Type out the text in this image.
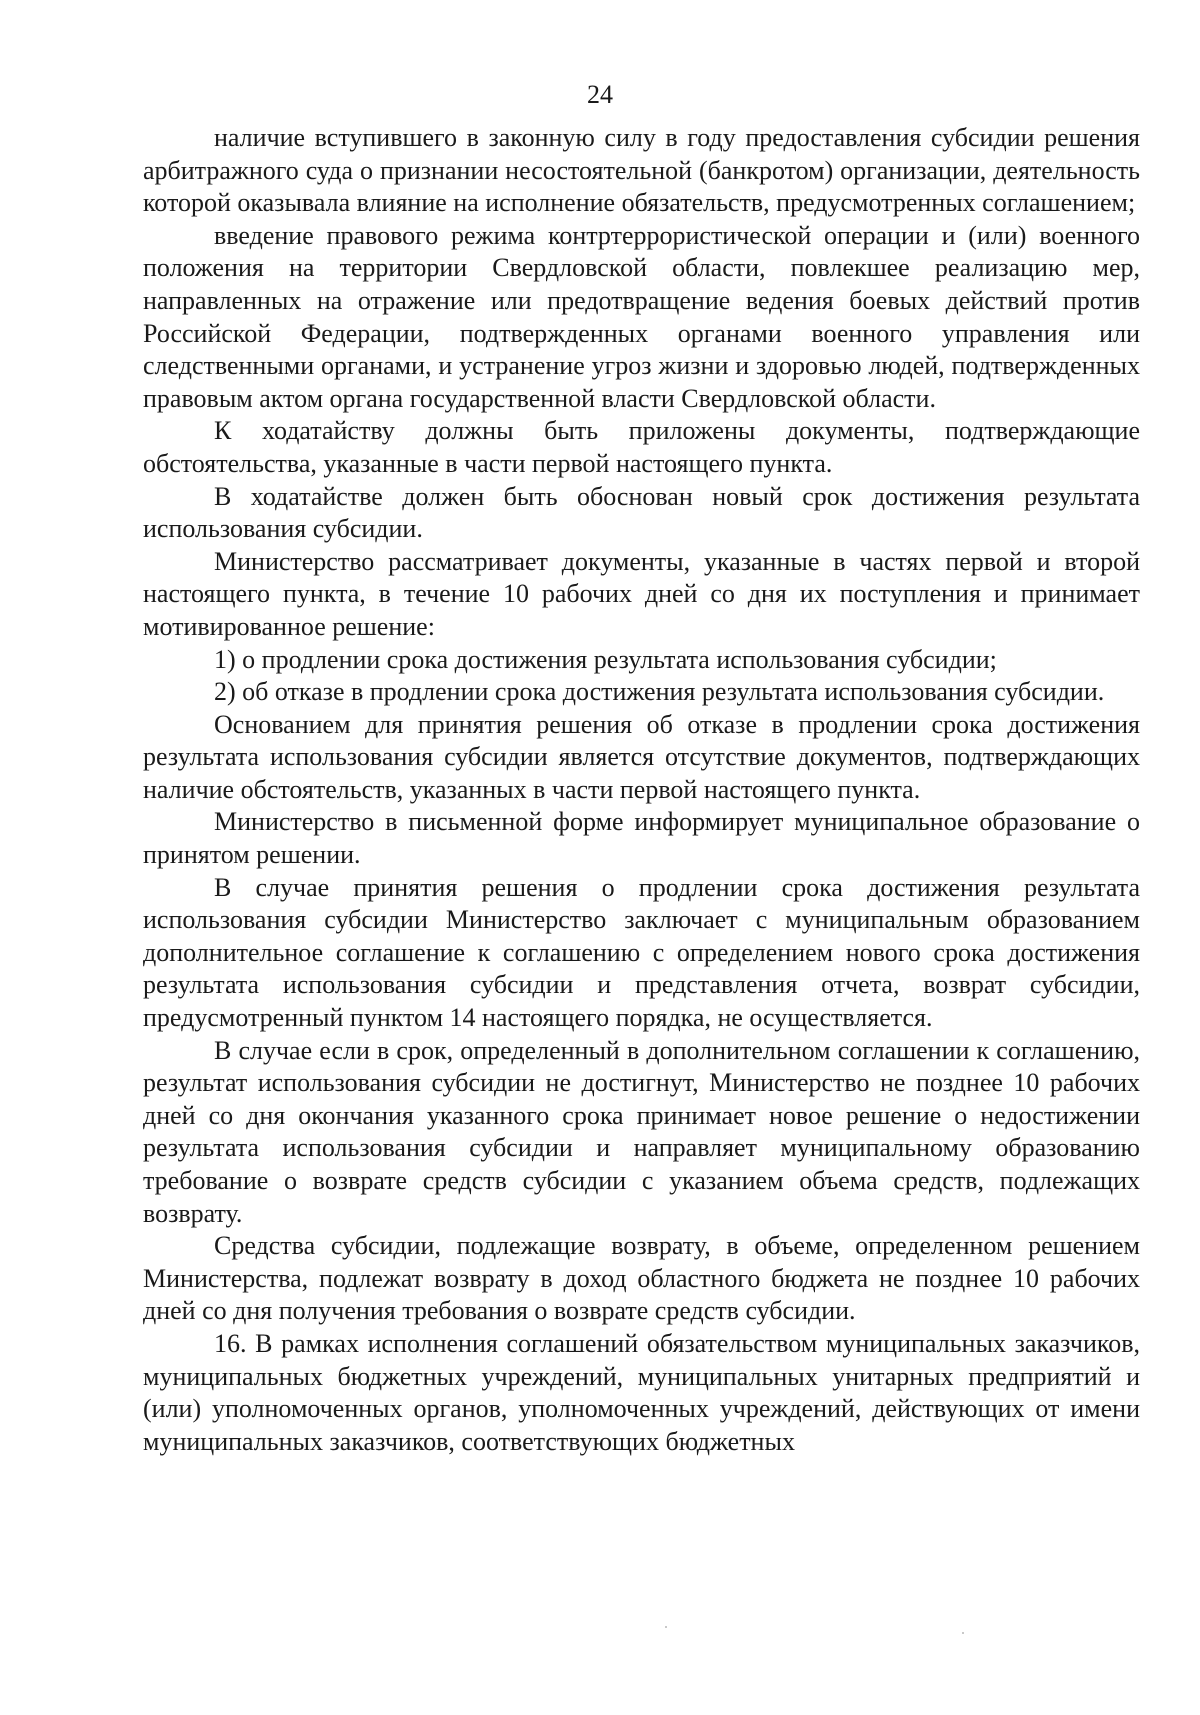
24

наличие вступившего в законную силу в году предоставления субсидии решения арбитражного суда о признании несостоятельной (банкротом) организации, деятельность которой оказывала влияние на исполнение обязательств, предусмотренных соглашением;

введение правового режима контртеррористической операции и (или) военного положения на территории Свердловской области, повлекшее реализацию мер, направленных на отражение или предотвращение ведения боевых действий против Российской Федерации, подтвержденных органами военного управления или следственными органами, и устранение угроз жизни и здоровью людей, подтвержденных правовым актом органа государственной власти Свердловской области.

К ходатайству должны быть приложены документы, подтверждающие обстоятельства, указанные в части первой настоящего пункта.

В ходатайстве должен быть обоснован новый срок достижения результата использования субсидии.

Министерство рассматривает документы, указанные в частях первой и второй настоящего пункта, в течение 10 рабочих дней со дня их поступления и принимает мотивированное решение:

1) о продлении срока достижения результата использования субсидии;

2) об отказе в продлении срока достижения результата использования субсидии.

Основанием для принятия решения об отказе в продлении срока достижения результата использования субсидии является отсутствие документов, подтверждающих наличие обстоятельств, указанных в части первой настоящего пункта.

Министерство в письменной форме информирует муниципальное образование о принятом решении.

В случае принятия решения о продлении срока достижения результата использования субсидии Министерство заключает с муниципальным образованием дополнительное соглашение к соглашению с определением нового срока достижения результата использования субсидии и представления отчета, возврат субсидии, предусмотренный пунктом 14 настоящего порядка, не осуществляется.

В случае если в срок, определенный в дополнительном соглашении к соглашению, результат использования субсидии не достигнут, Министерство не позднее 10 рабочих дней со дня окончания указанного срока принимает новое решение о недостижении результата использования субсидии и направляет муниципальному образованию требование о возврате средств субсидии с указанием объема средств, подлежащих возврату.

Средства субсидии, подлежащие возврату, в объеме, определенном решением Министерства, подлежат возврату в доход областного бюджета не позднее 10 рабочих дней со дня получения требования о возврате средств субсидии.

16. В рамках исполнения соглашений обязательством муниципальных заказчиков, муниципальных бюджетных учреждений, муниципальных унитарных предприятий и (или) уполномоченных органов, уполномоченных учреждений, действующих от имени муниципальных заказчиков, соответствующих бюджетных
